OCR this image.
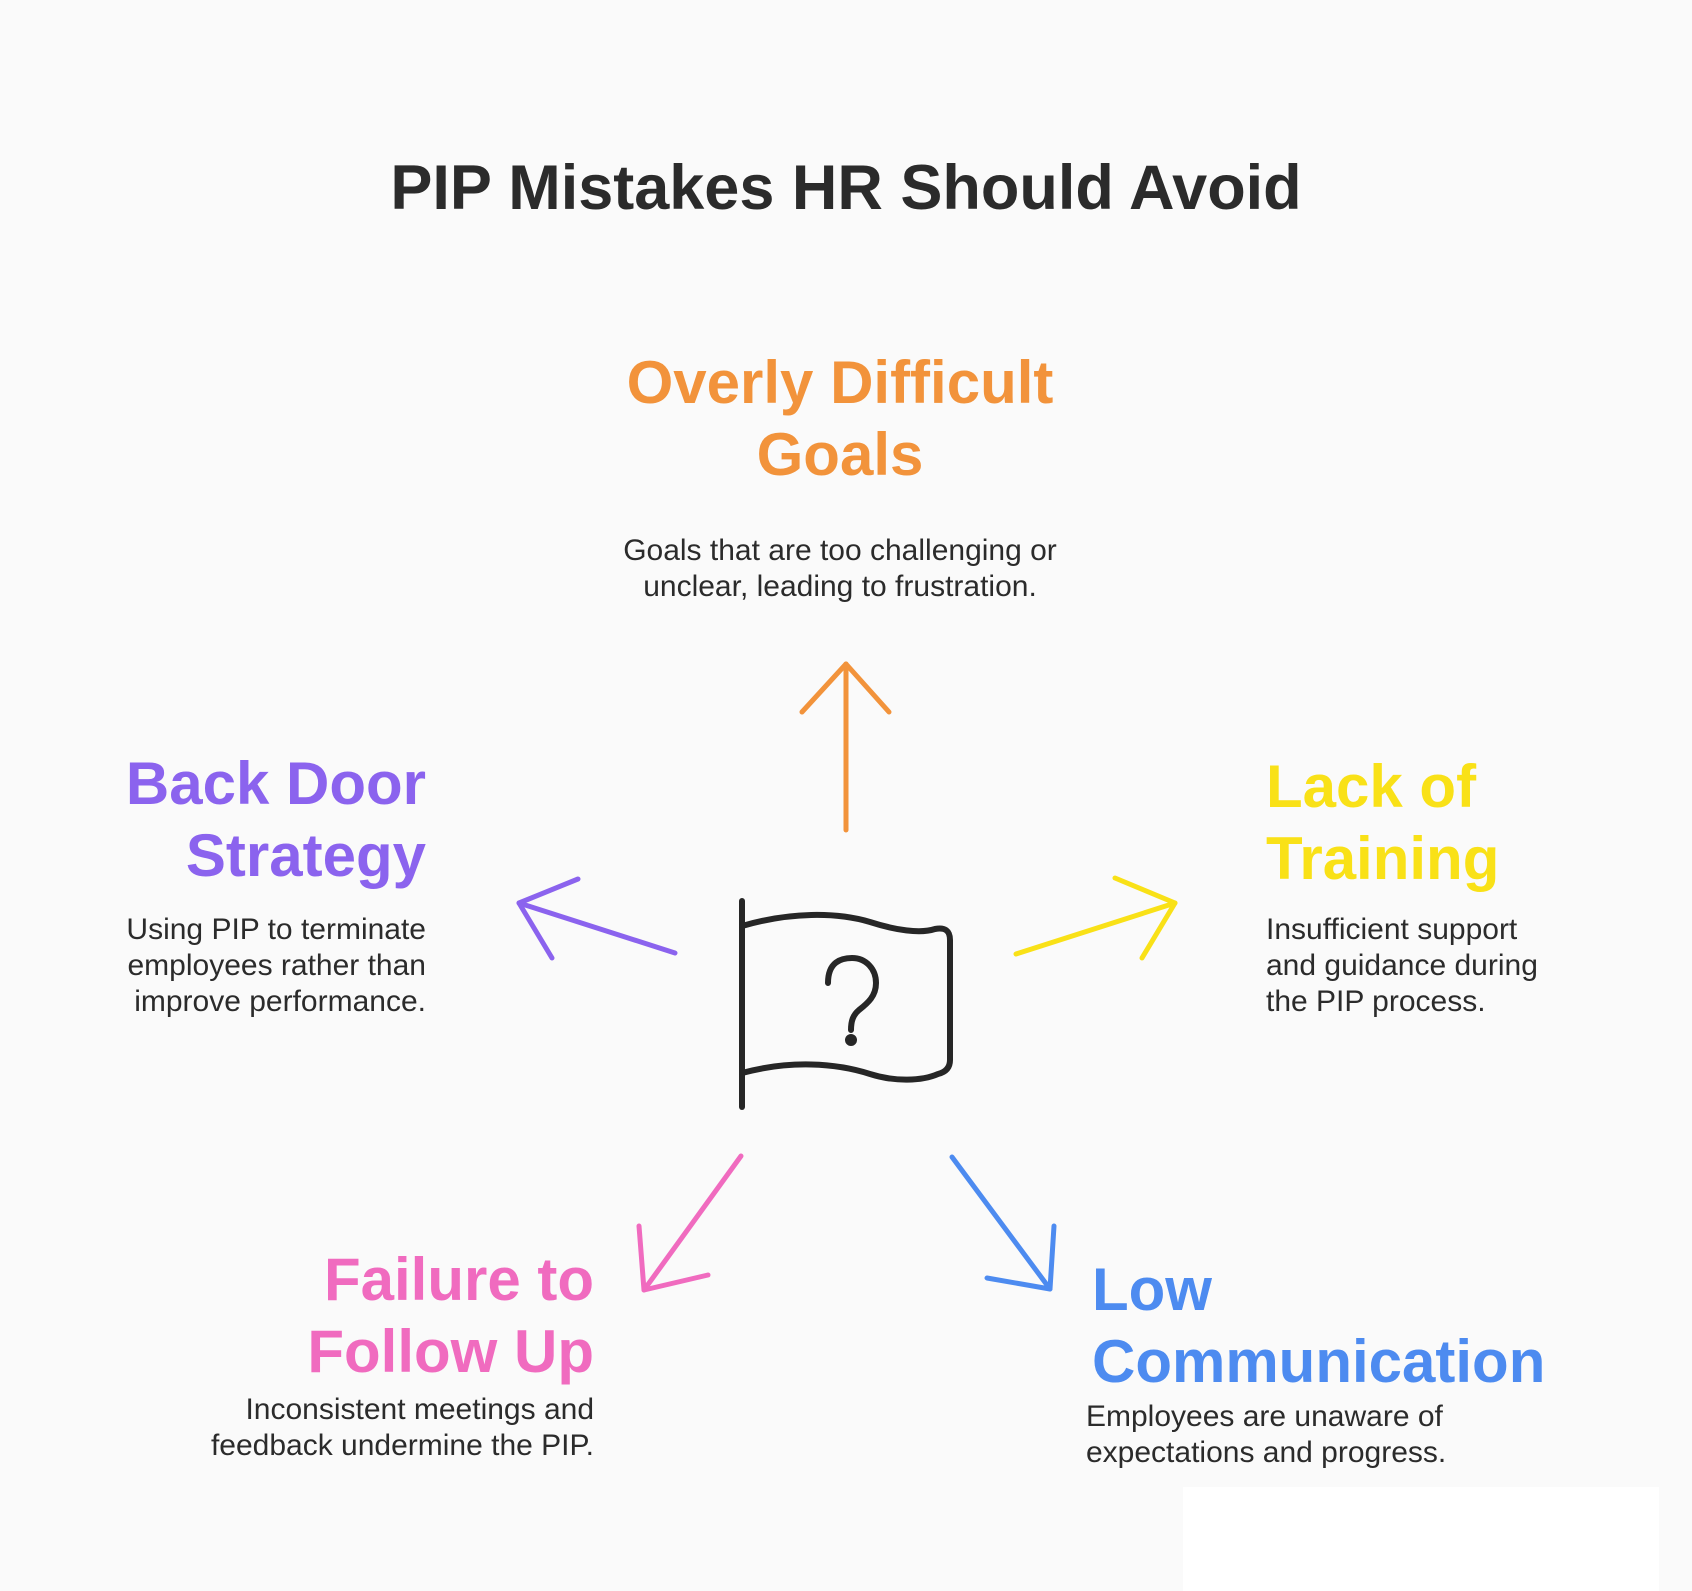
PIP Mistakes HR Should Avoid
Overly Difficult
Goals

Goals that are too challenging or
unclear, leading to frustration.

Back Door
Strategy

Using PIP to terminate
employees rather than
improve performance.

Lack of
Training

Insufficient support
and guidance during
the PIP process.

Failure to
Follow Up

Inconsistent meetings and
feedback undermine the PIP.

Low
Communication

Employees are unaware of
expectations and progress.
